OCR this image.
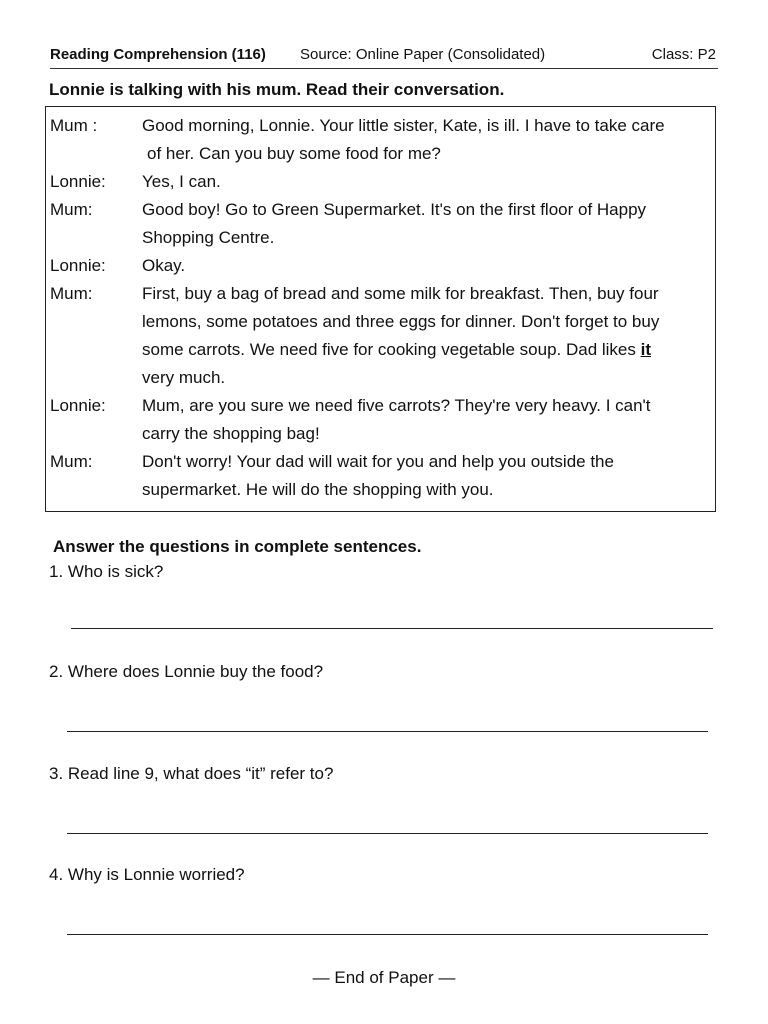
Reading Comprehension (116) Source: Online Paper (Consolidated)	Class: P2
Lonnie is talking with his mum. Read their conversation.
Mum :	Good morning, Lonnie. Your little sister, Kate, is ill. I have to take care
of her. Can you buy some food for me?
Lonnie:	Yes, I can.
Mum:	Good boy! Go to Green Supermarket. It's on the first floor of Happy
Shopping Centre.
Lonnie:	Okay.
Mum:	First, buy a bag of bread and some milk for breakfast. Then, buy four
lemons, some potatoes and three eggs for dinner. Don't forget to buy
some carrots. We need five for cooking vegetable soup. Dad likes it
very much.
Lonnie:	Mum, are you sure we need five carrots? They're very heavy. I can't
carry the shopping bag!
Mum:	Don't worry! Your dad will wait for you and help you outside the
supermarket. He will do the shopping with you.
Answer the questions in complete sentences.
1. Who is sick?
2. Where does Lonnie buy the food?
3. Read line 9, what does “it” refer to?
4. Why is Lonnie worried?
— End of Paper —
